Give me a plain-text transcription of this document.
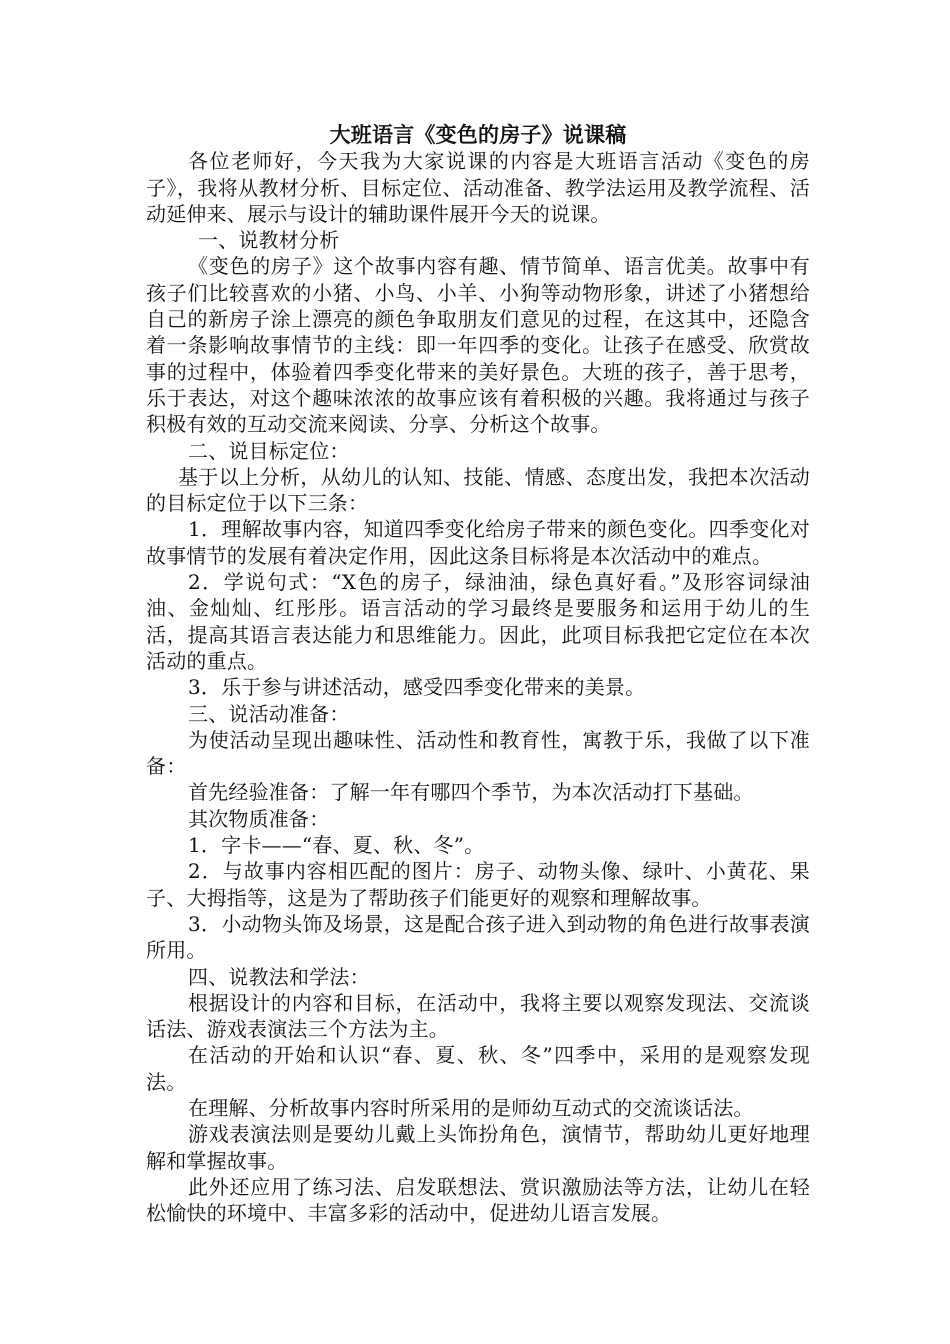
大班语言《变色的房子》说课稿

各位老师好，今天我为大家说课的内容是大班语言活动《变色的房子》，我将从教材分析、目标定位、活动准备、教学法运用及教学流程、活动延伸来、展示与设计的辅助课件展开今天的说课。

一、说教材分析

《变色的房子》这个故事内容有趣、情节简单、语言优美。故事中有孩子们比较喜欢的小猪、小鸟、小羊、小狗等动物形象，讲述了小猪想给自己的新房子涂上漂亮的颜色争取朋友们意见的过程，在这其中，还隐含着一条影响故事情节的主线：即一年四季的变化。让孩子在感受、欣赏故事的过程中，体验着四季变化带来的美好景色。大班的孩子，善于思考，乐于表达，对这个趣味浓浓的故事应该有着积极的兴趣。我将通过与孩子积极有效的互动交流来阅读、分享、分析这个故事。

二、说目标定位：

基于以上分析，从幼儿的认知、技能、情感、态度出发，我把本次活动的目标定位于以下三条：

1．理解故事内容，知道四季变化给房子带来的颜色变化。四季变化对故事情节的发展有着决定作用，因此这条目标将是本次活动中的难点。

2．学说句式：“X色的房子，绿油油，绿色真好看。”及形容词绿油油、金灿灿、红彤彤。语言活动的学习最终是要服务和运用于幼儿的生活，提高其语言表达能力和思维能力。因此，此项目标我把它定位在本次活动的重点。

3．乐于参与讲述活动，感受四季变化带来的美景。

三、说活动准备：

为使活动呈现出趣味性、活动性和教育性，寓教于乐，我做了以下准备：

首先经验准备：了解一年有哪四个季节，为本次活动打下基础。

其次物质准备：

1．字卡——“春、夏、秋、冬”。

2．与故事内容相匹配的图片：房子、动物头像、绿叶、小黄花、果子、大拇指等，这是为了帮助孩子们能更好的观察和理解故事。

3．小动物头饰及场景，这是配合孩子进入到动物的角色进行故事表演所用。

四、说教法和学法：

根据设计的内容和目标，在活动中，我将主要以观察发现法、交流谈话法、游戏表演法三个方法为主。

在活动的开始和认识“春、夏、秋、冬”四季中，采用的是观察发现法。

在理解、分析故事内容时所采用的是师幼互动式的交流谈话法。

游戏表演法则是要幼儿戴上头饰扮角色，演情节，帮助幼儿更好地理解和掌握故事。

此外还应用了练习法、启发联想法、赏识激励法等方法，让幼儿在轻松愉快的环境中、丰富多彩的活动中，促进幼儿语言发展。
